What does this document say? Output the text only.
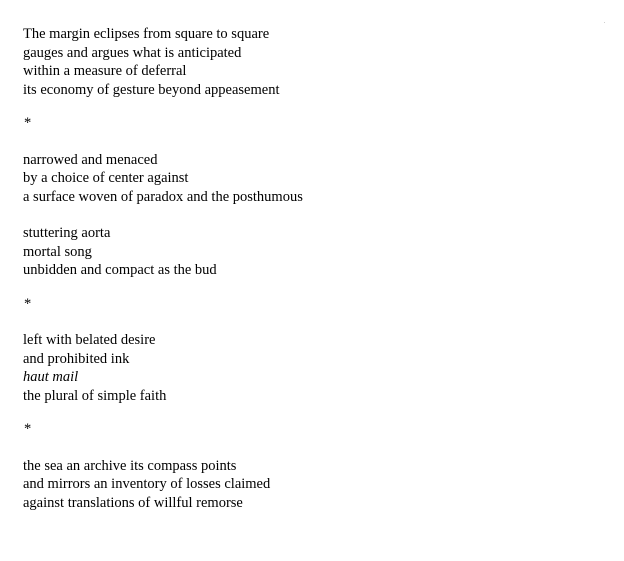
The margin eclipses from square to square
gauges and argues what is anticipated
within a measure of deferral
its economy of gesture beyond appeasement
*
narrowed and menaced
by a choice of center against
a surface woven of paradox and the posthumous
stuttering aorta
mortal song
unbidden and compact as the bud
*
left with belated desire
and prohibited ink
haut mail
the plural of simple faith
*
the sea an archive its compass points
and mirrors an inventory of losses claimed
against translations of willful remorse
